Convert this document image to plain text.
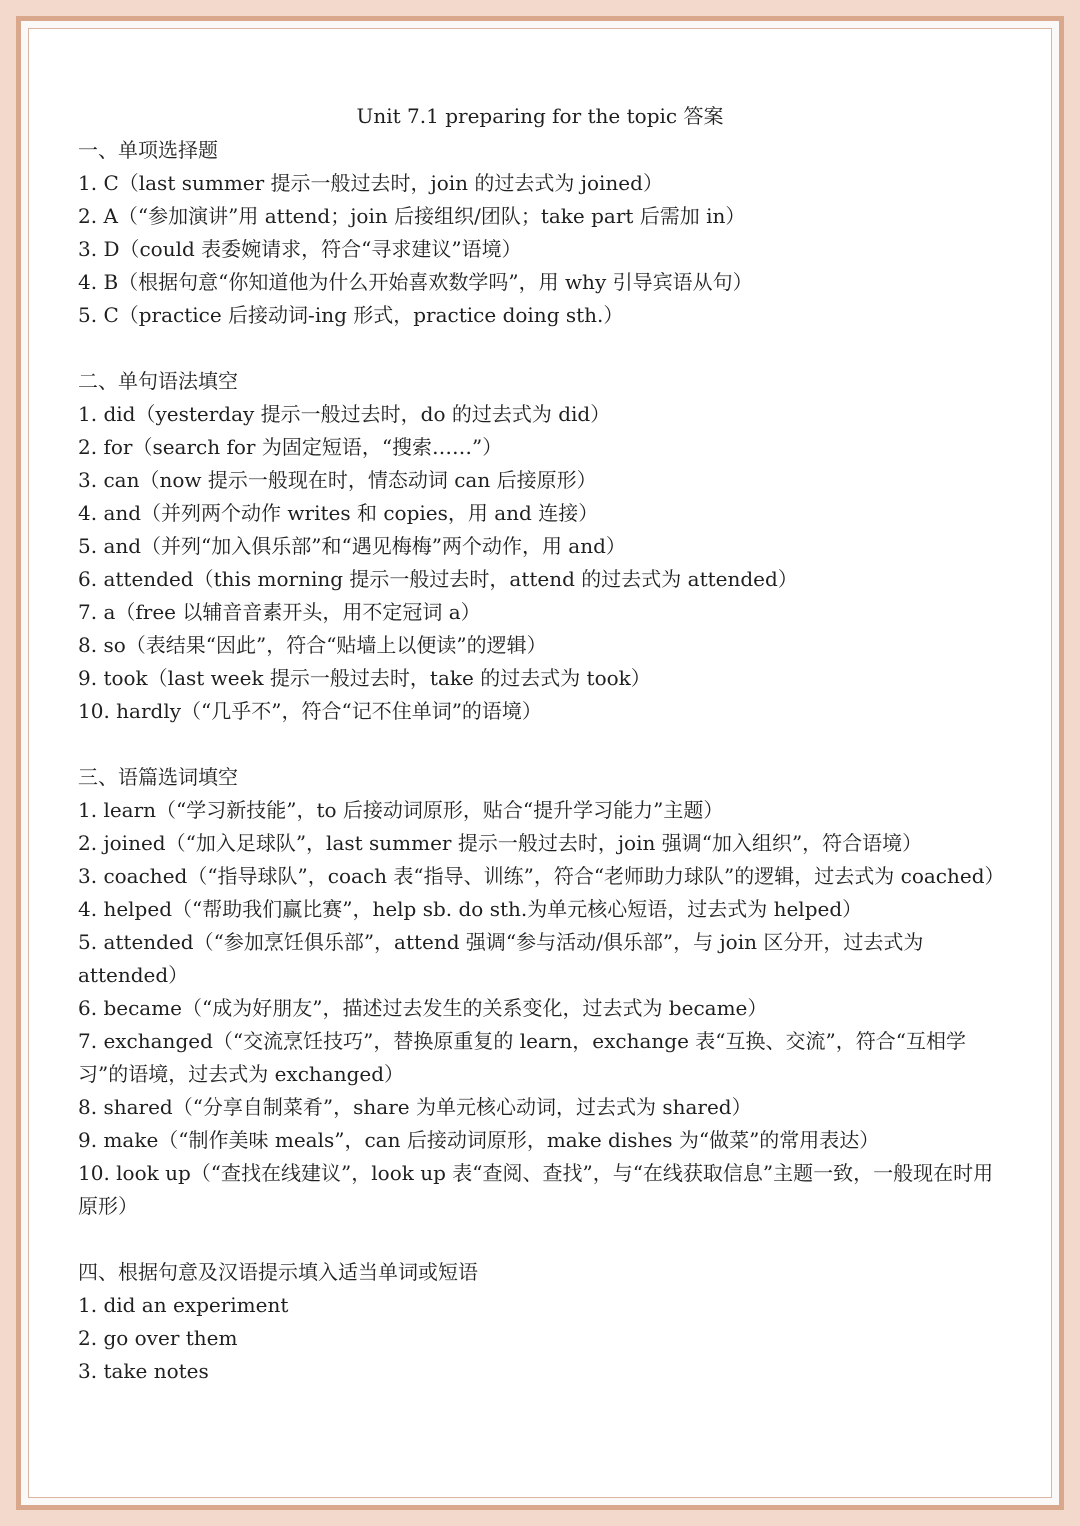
Unit 7.1 preparing for the topic 答案
一、单项选择题
1. C（last summer 提示一般过去时，join 的过去式为 joined）
2. A（“参加演讲”用 attend；join 后接组织/团队；take part 后需加 in）
3. D（could 表委婉请求，符合“寻求建议”语境）
4. B（根据句意“你知道他为什么开始喜欢数学吗”，用 why 引导宾语从句）
5. C（practice 后接动词-ing 形式，practice doing sth.）
二、单句语法填空
1. did（yesterday 提示一般过去时，do 的过去式为 did）
2. for（search for 为固定短语，“搜索……”）
3. can（now 提示一般现在时，情态动词 can 后接原形）
4. and（并列两个动作 writes 和 copies，用 and 连接）
5. and（并列“加入俱乐部”和“遇见梅梅”两个动作，用 and）
6. attended（this morning 提示一般过去时，attend 的过去式为 attended）
7. a（free 以辅音音素开头，用不定冠词 a）
8. so（表结果“因此”，符合“贴墙上以便读”的逻辑）
9. took（last week 提示一般过去时，take 的过去式为 took）
10. hardly（“几乎不”，符合“记不住单词”的语境）
三、语篇选词填空
1. learn（“学习新技能”，to 后接动词原形，贴合“提升学习能力”主题）
2. joined（“加入足球队”，last summer 提示一般过去时，join 强调“加入组织”，符合语境）
3. coached（“指导球队”，coach 表“指导、训练”，符合“老师助力球队”的逻辑，过去式为 coached）
4. helped（“帮助我们赢比赛”，help sb. do sth.为单元核心短语，过去式为 helped）
5. attended（“参加烹饪俱乐部”，attend 强调“参与活动/俱乐部”，与 join 区分开，过去式为 attended）
6. became（“成为好朋友”，描述过去发生的关系变化，过去式为 became）
7. exchanged（“交流烹饪技巧”，替换原重复的 learn，exchange 表“互换、交流”，符合“互相学习”的语境，过去式为 exchanged）
8. shared（“分享自制菜肴”，share 为单元核心动词，过去式为 shared）
9. make（“制作美味 meals”，can 后接动词原形，make dishes 为“做菜”的常用表达）
10. look up（“查找在线建议”，look up 表“查阅、查找”，与“在线获取信息”主题一致，一般现在时用原形）
四、根据句意及汉语提示填入适当单词或短语
1. did an experiment
2. go over them
3. take notes
